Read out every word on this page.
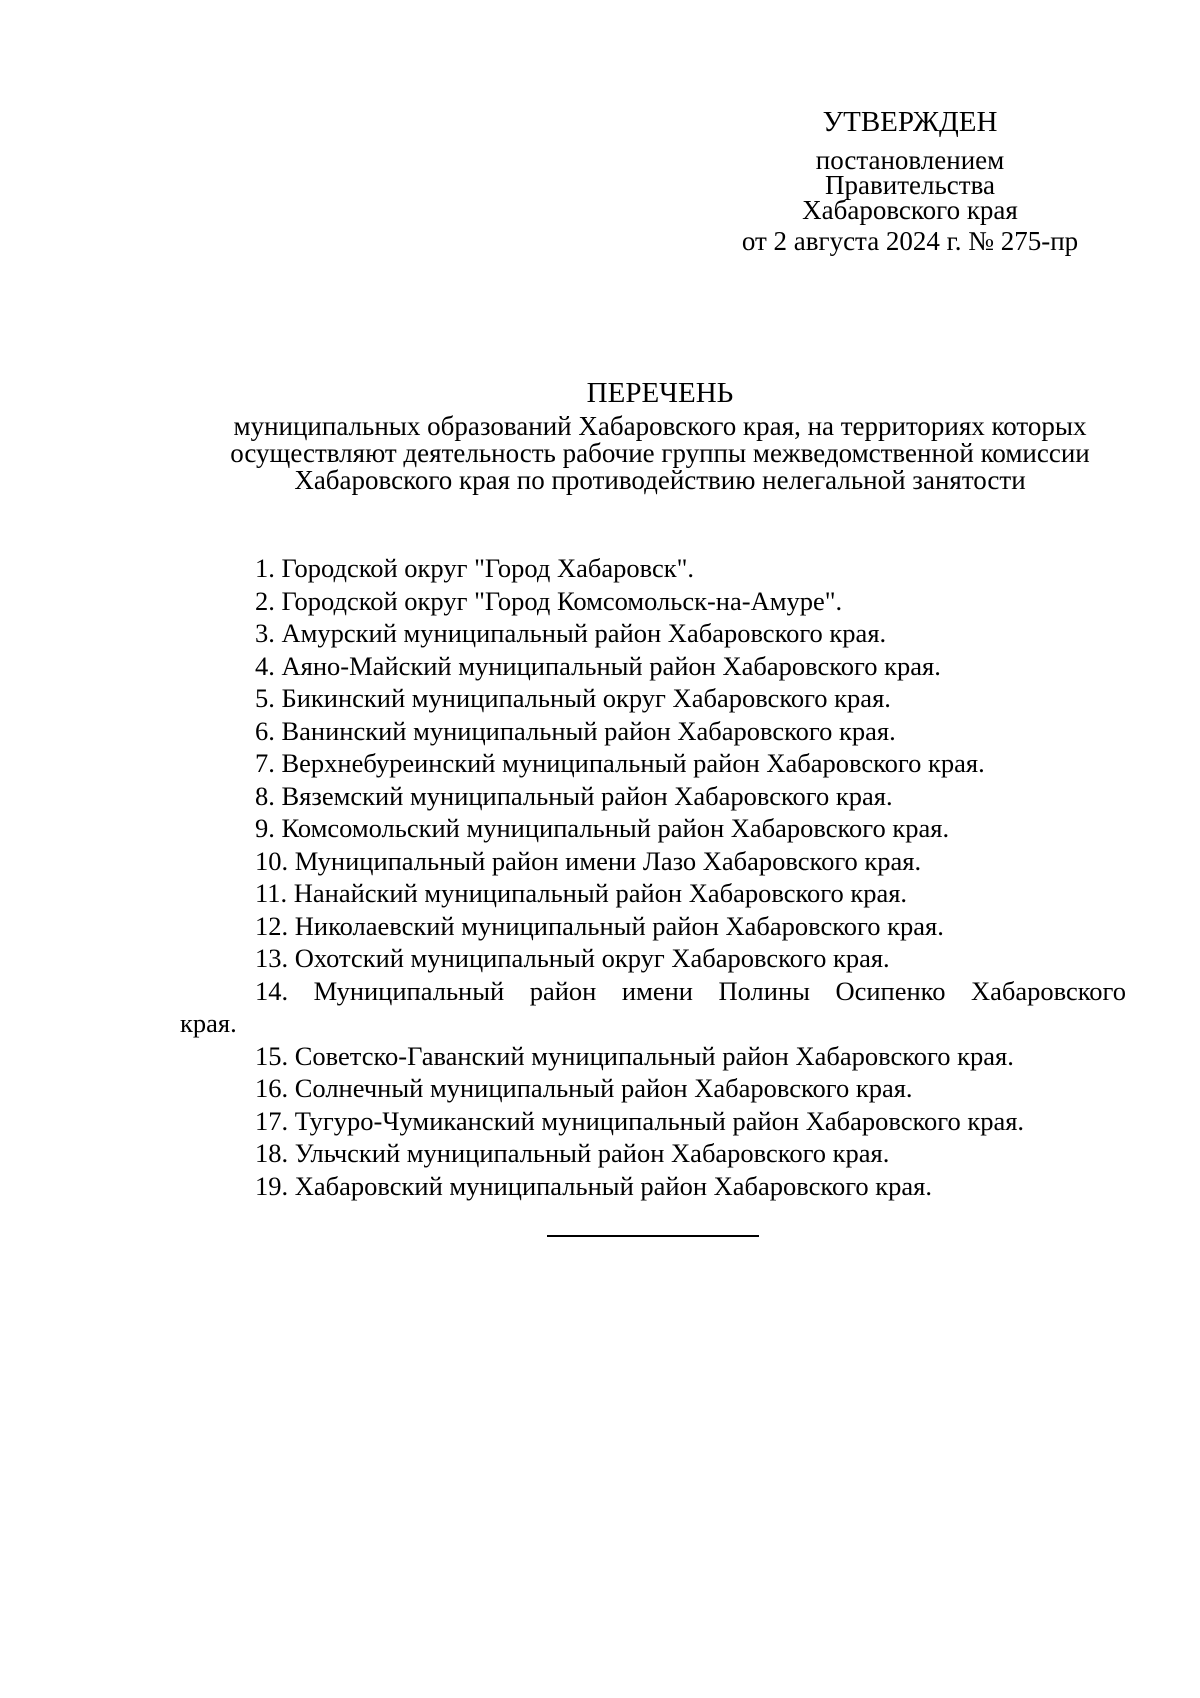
УТВЕРЖДЕН
постановлением
Правительства
Хабаровского края
от 2 августа 2024 г. № 275-пр
ПЕРЕЧЕНЬ
муниципальных образований Хабаровского края, на территориях которых
осуществляют деятельность рабочие группы межведомственной комиссии
Хабаровского края по противодействию нелегальной занятости
1. Городской округ "Город Хабаровск".
2. Городской округ "Город Комсомольск-на-Амуре".
3. Амурский муниципальный район Хабаровского края.
4. Аяно-Майский муниципальный район Хабаровского края.
5. Бикинский муниципальный округ Хабаровского края.
6. Ванинский муниципальный район Хабаровского края.
7. Верхнебуреинский муниципальный район Хабаровского края.
8. Вяземский муниципальный район Хабаровского края.
9. Комсомольский муниципальный район Хабаровского края.
10. Муниципальный район имени Лазо Хабаровского края.
11. Нанайский муниципальный район Хабаровского края.
12. Николаевский муниципальный район Хабаровского края.
13. Охотский муниципальный округ Хабаровского края.
14. Муниципальный район имени Полины Осипенко Хабаровского края.
15. Советско-Гаванский муниципальный район Хабаровского края.
16. Солнечный муниципальный район Хабаровского края.
17. Тугуро-Чумиканский муниципальный район Хабаровского края.
18. Ульчский муниципальный район Хабаровского края.
19. Хабаровский муниципальный район Хабаровского края.
